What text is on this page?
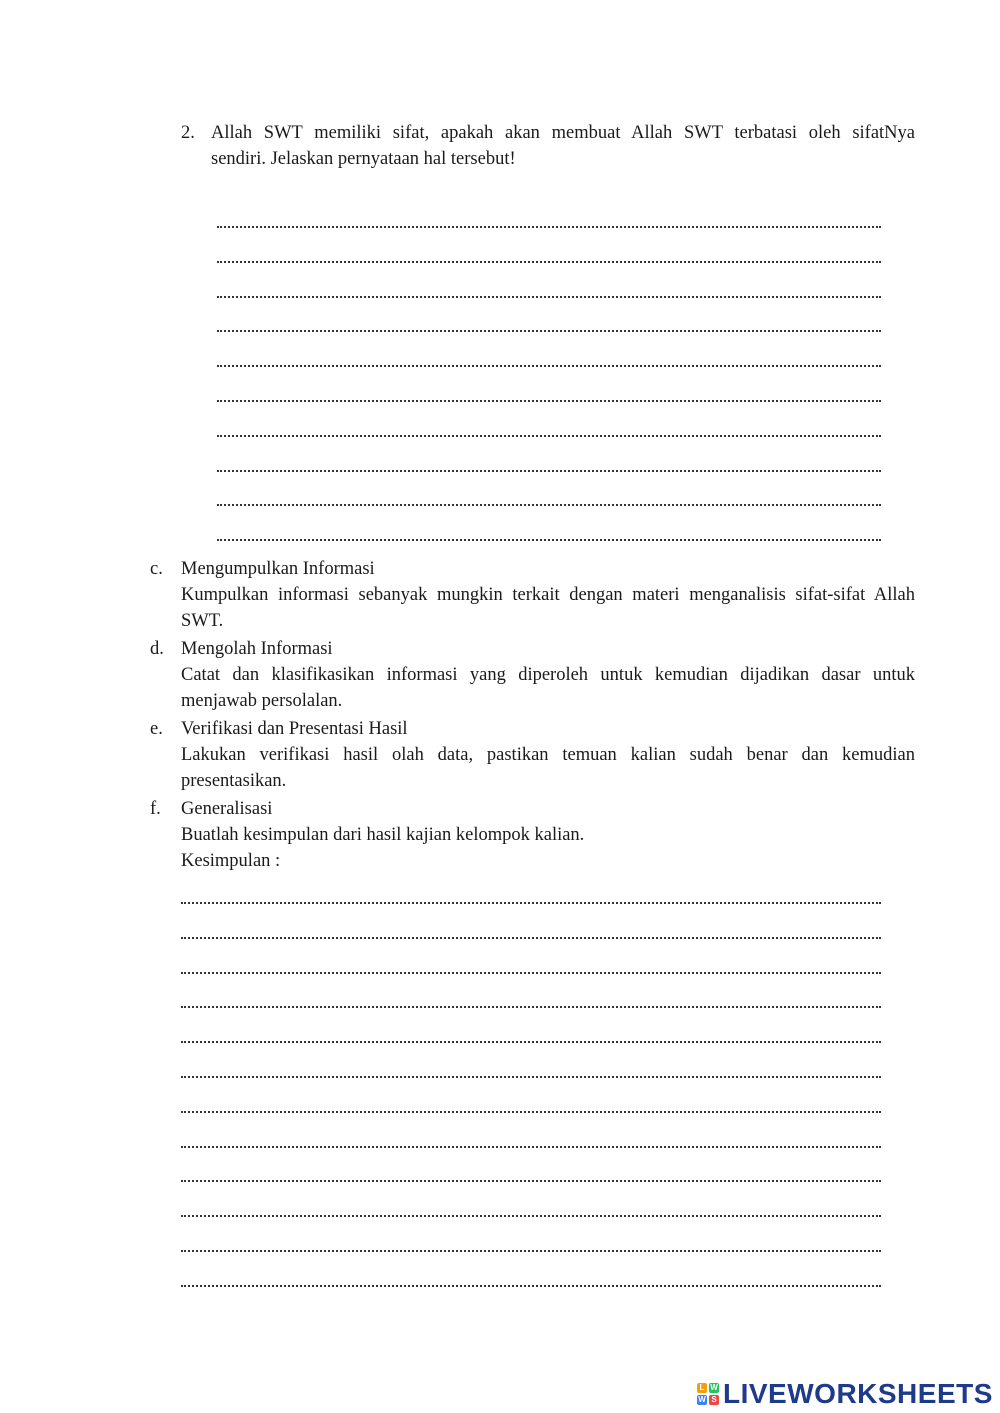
2. Allah SWT memiliki sifat, apakah akan membuat Allah SWT terbatasi oleh sifatNya
sendiri. Jelaskan pernyataan hal tersebut!
c. Mengumpulkan Informasi
Kumpulkan informasi sebanyak mungkin terkait dengan materi menganalisis sifat-sifat Allah SWT.
d. Mengolah Informasi
Catat dan klasifikasikan informasi yang diperoleh untuk kemudian dijadikan dasar untuk menjawab persolalan.
e. Verifikasi dan Presentasi Hasil
Lakukan verifikasi hasil olah data, pastikan temuan kalian sudah benar dan kemudian presentasikan.
f. Generalisasi
Buatlah kesimpulan dari hasil kajian kelompok kalian.
Kesimpulan :
L W
W S LIVEWORKSHEETS
